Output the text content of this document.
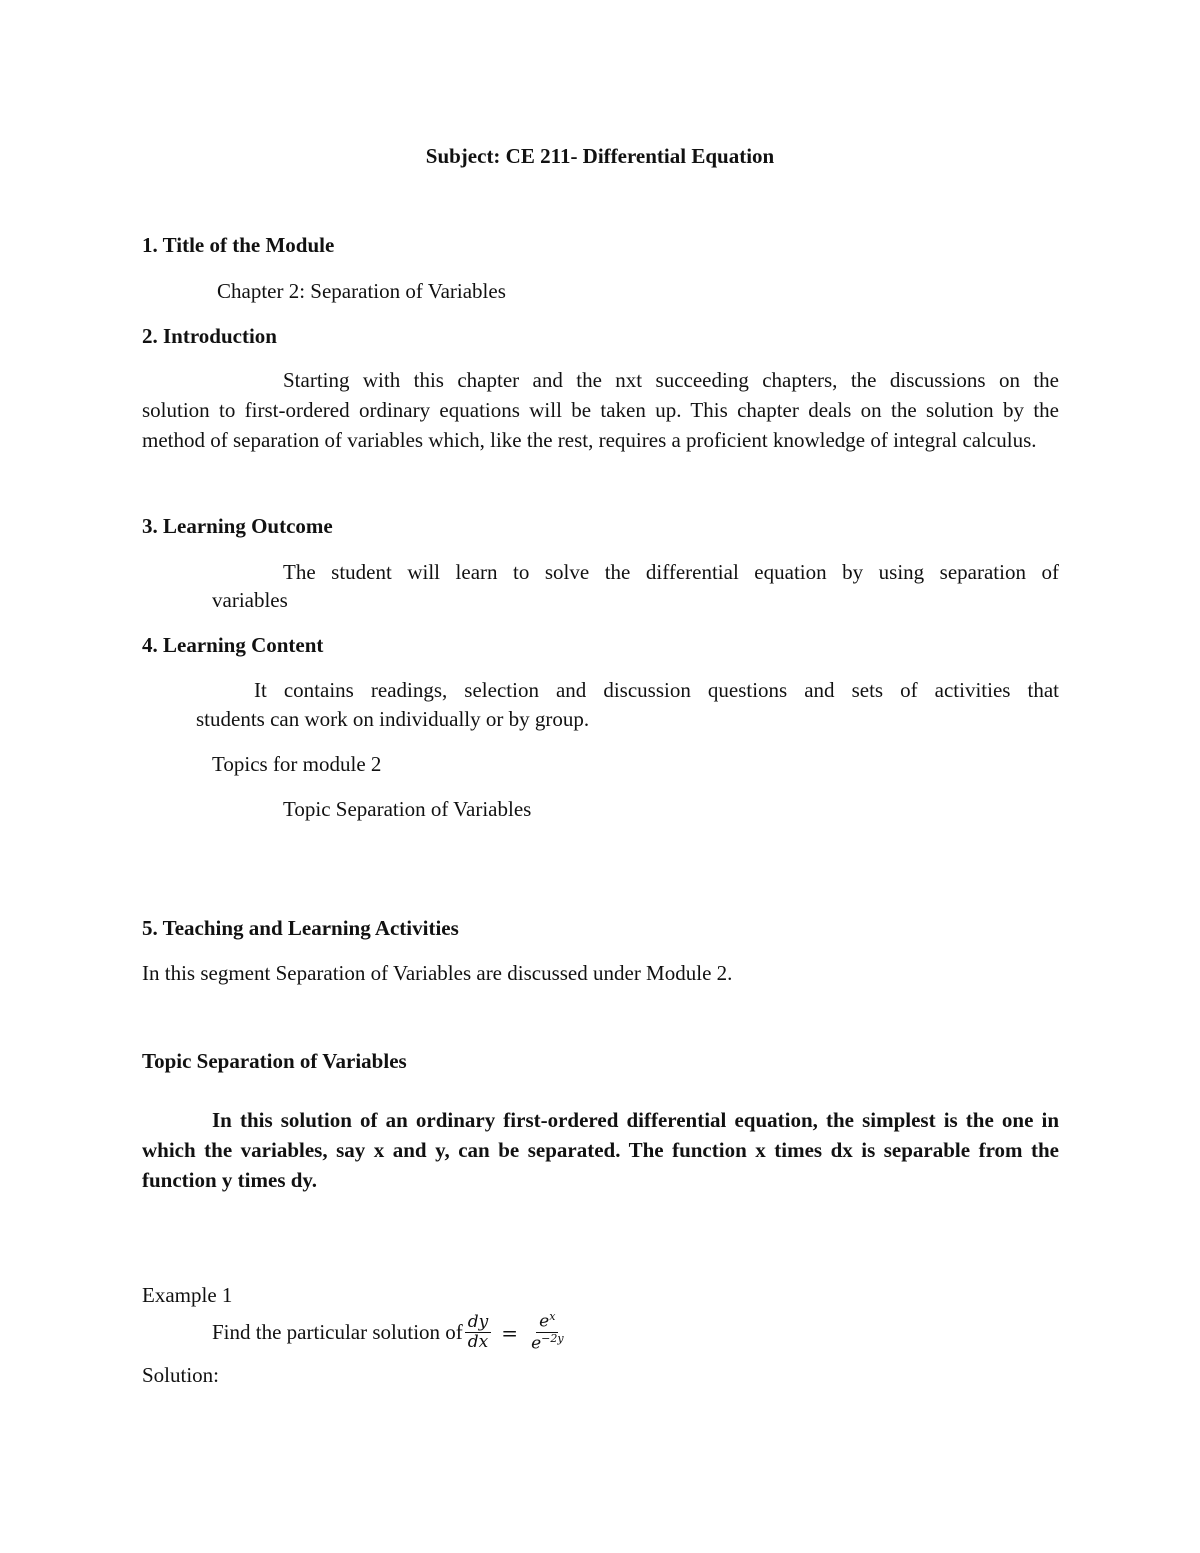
Subject: CE 211- Differential Equation
1. Title of the Module
Chapter 2: Separation of Variables
2. Introduction
Starting with this chapter and the nxt succeeding chapters, the discussions on the
solution to first-ordered ordinary equations will be taken up. This chapter deals on the solution by the method of separation of variables which, like the rest, requires a proficient knowledge of integral calculus.
3. Learning Outcome
The student will learn to solve the differential equation by using separation of
variables
4. Learning Content
It contains readings, selection and discussion questions and sets of activities that
students can work on individually or by group.
Topics for module 2
Topic Separation of Variables
5. Teaching and Learning Activities
In this segment Separation of Variables are discussed under Module 2.
Topic Separation of Variables
In this solution of an ordinary first-ordered differential equation, the simplest is the one in which the variables, say x and y, can be separated. The function x times dx is separable from the function y times dy.
Example 1
Find the particular solution of $\frac{dy}{dx} = \frac{e^x}{e^{-2y}}$
Solution:
